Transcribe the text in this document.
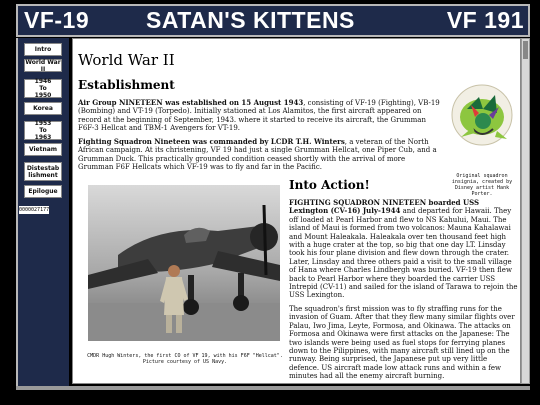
VF-19 SATAN'S KITTENS	VF 191
Intro
World War II
1946 To 1950
Korea
1953 To 1963
Vietnam
Distestablishment
Epilogue
0000027177
World War II
Establishment
Air Group NINETEEN was established on 15 August 1943, consisting of VF-19 (Fighting), VB-19 (Bombing) and VT-19 (Torpedo). Initially stationed at Los Alamitos, the first aircraft appeared on record at the beginning of September, 1943. where it started to receive its aircraft, the Grumman F6F-3 Hellcat and TBM-1 Avengers for VT-19.
Fighting Squadron Nineteen was commanded by LCDR T.H. Winters, a veteran of the North African campaign. At its christening, VF 19 had just a single Grumman Hellcat, one Piper Cub, and a Grumman Duck. This practically grounded condition ceased shortly with the arrival of more Grumman F6F Hellcats which VF-19 was to fly and far in the Pacific.
Original squadron insignia, created by Disney artist Hank Porter.
CMDR Hugh Winters, the first CO of VF 19, with his F6F "Hellcat". Picture courtesy of US Navy.
Into Action!
FIGHTING SQUADRON NINETEEN boarded USS Lexington (CV-16) July-1944 and departed for Hawaii. They off loaded at Pearl Harbor and flew to NS Kahului, Maui. The island of Maui is formed from two volcanos: Mauna Kahalawai and Mount Haleakala. Haleakala over ten thousand feet high with a huge crater at the top, so big that one day LT. Linsday took his four plane division and flew down through the crater. Later, Linsday and three others paid a visit to the small village of Hana where Charles Lindbergh was buried. VF-19 then flew back to Pearl Harbor where they boarded the carrier USS Intrepid (CV-11) and sailed for the island of Tarawa to rejoin the USS Lexington.
The squadron's first mission was to fly straffing runs for the invasion of Guam. After that they flew many similar flights over Palau, Iwo Jima, Leyte, Formosa, and Okinawa. The attacks on Formosa and Okinawa were first attacks on the Japanese: The two islands were being used as fuel stops for ferrying planes down to the Pilippines, with many aircraft still lined up on the runway. Being surprised, the Japanese put up very little defence. US aircraft made low attack runs and within a few minutes had all the enemy aircraft burning.
